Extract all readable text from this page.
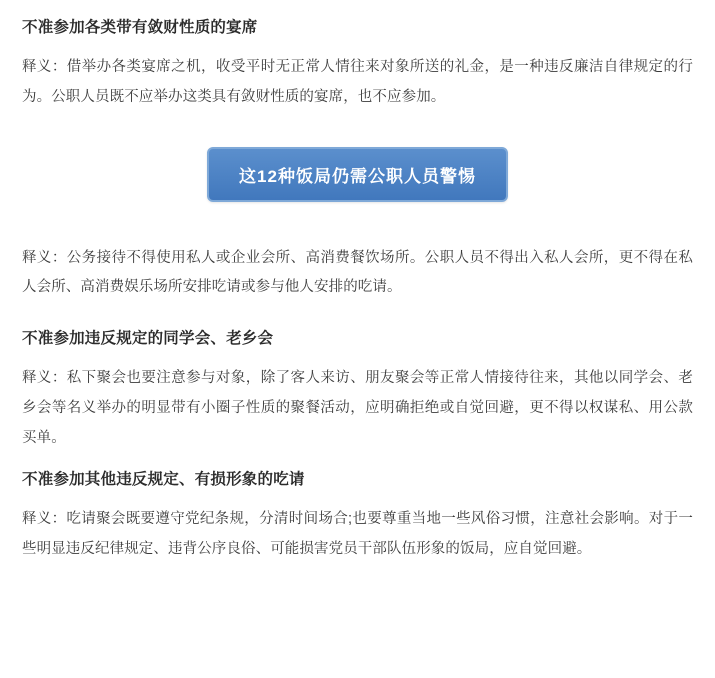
不准参加各类带有敛财性质的宴席

释义：借举办各类宴席之机，收受平时无正常人情往来对象所送的礼金，是一种违反廉洁自律规定的行为。公职人员既不应举办这类具有敛财性质的宴席，也不应参加。

这12种饭局仍需公职人员警惕

释义：公务接待不得使用私人或企业会所、高消费餐饮场所。公职人员不得出入私人会所，更不得在私人会所、高消费娱乐场所安排吃请或参与他人安排的吃请。

不准参加违反规定的同学会、老乡会

释义：私下聚会也要注意参与对象，除了客人来访、朋友聚会等正常人情接待往来，其他以同学会、老乡会等名义举办的明显带有小圈子性质的聚餐活动，应明确拒绝或自觉回避，更不得以权谋私、用公款买单。

不准参加其他违反规定、有损形象的吃请

释义：吃请聚会既要遵守党纪条规，分清时间场合;也要尊重当地一些风俗习惯，注意社会影响。对于一些明显违反纪律规定、违背公序良俗、可能损害党员干部队伍形象的饭局，应自觉回避。
